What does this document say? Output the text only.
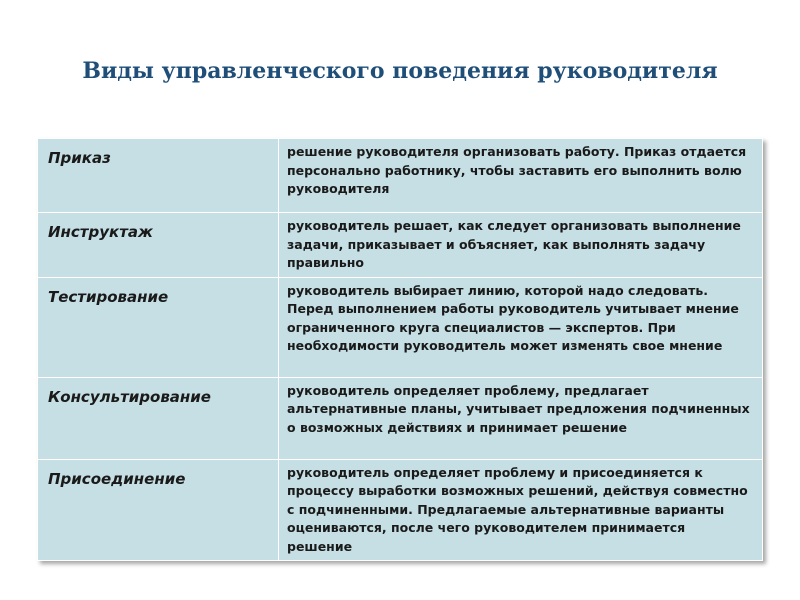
Виды управленческого поведения руководителя
Приказ	решение руководителя организовать работу. Приказ отдается персонально работнику, чтобы заставить его выполнить волю руководителя
Инструктаж	руководитель решает, как следует организовать выполнение задачи, приказывает и объясняет, как выполнять задачу правильно
Тестирование	руководитель выбирает линию, которой надо следовать. Перед выполнением работы руководитель учитывает мнение ограниченного круга специалистов — экспертов. При необходимости руководитель может изменять свое мнение
Консультирование	руководитель определяет проблему, предлагает альтернативные планы, учитывает предложения подчиненных о возможных действиях и принимает решение
Присоединение	руководитель определяет проблему и присоединяется к процессу выработки возможных решений, действуя совместно с подчиненными. Предлагаемые альтернативные варианты оцениваются, после чего руководителем принимается решение
